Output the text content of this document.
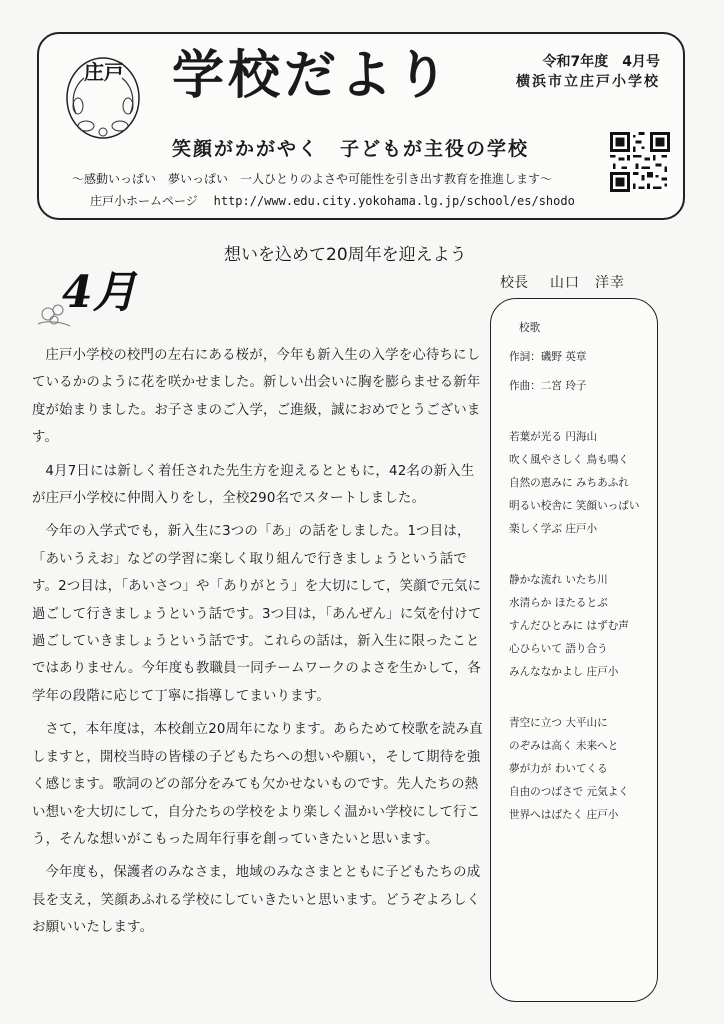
庄戸 学校だより	令和7年度　4月号
横浜市立庄戸小学校
笑顔がかがやく　子どもが主役の学校
～感動いっぱい　夢いっぱい　一人ひとりのよさや可能性を引き出す教育を推進します～
庄戸小ホームページ http://www.edu.city.yokohama.lg.jp/school/es/shodo
4月
想いを込めて20周年を迎えよう
校長 山口　洋幸

庄戸小学校の校門の左右にある桜が，今年も新入生の入学を心待ちにしているかのように花を咲かせました。新しい出会いに胸を膨らませる新年度が始まりました。お子さまのご入学，ご進級，誠におめでとうございます。

4月7日には新しく着任された先生方を迎えるとともに，42名の新入生が庄戸小学校に仲間入りをし，全校290名でスタートしました。

今年の入学式でも，新入生に3つの「あ」の話をしました。1つ目は，「あいうえお」などの学習に楽しく取り組んで行きましょうという話です。2つ目は，「あいさつ」や「ありがとう」を大切にして，笑顔で元気に過ごして行きましょうという話です。3つ目は，「あんぜん」に気を付けて過ごしていきましょうという話です。これらの話は，新入生に限ったことではありません。今年度も教職員一同チームワークのよさを生かして，各学年の段階に応じて丁寧に指導してまいります。

さて，本年度は，本校創立20周年になります。あらためて校歌を読み直しますと，開校当時の皆様の子どもたちへの想いや願い，そして期待を強く感じます。歌詞のどの部分をみても欠かせないものです。先人たちの熱い想いを大切にして，自分たちの学校をより楽しく温かい学校にして行こう，そんな想いがこもった周年行事を創っていきたいと思います。

今年度も，保護者のみなさま，地域のみなさまとともに子どもたちの成長を支え，笑顔あふれる学校にしていきたいと思います。どうぞよろしくお願いいたします。

校歌
作詞：磯野 英章
作曲：二宮 玲子
若葉が光る 円海山
吹く風やさしく 鳥も鳴く
自然の恵みに みちあふれ
明るい校舎に 笑顔いっぱい
楽しく学ぶ 庄戸小
静かな流れ いたち川
水清らか ほたるとぶ
すんだひとみに はずむ声
心ひらいて 語り合う
みんななかよし 庄戸小
青空に立つ 大平山に
のぞみは高く 未来へと
夢が力が わいてくる
自由のつばさで 元気よく
世界へはばたく 庄戸小
